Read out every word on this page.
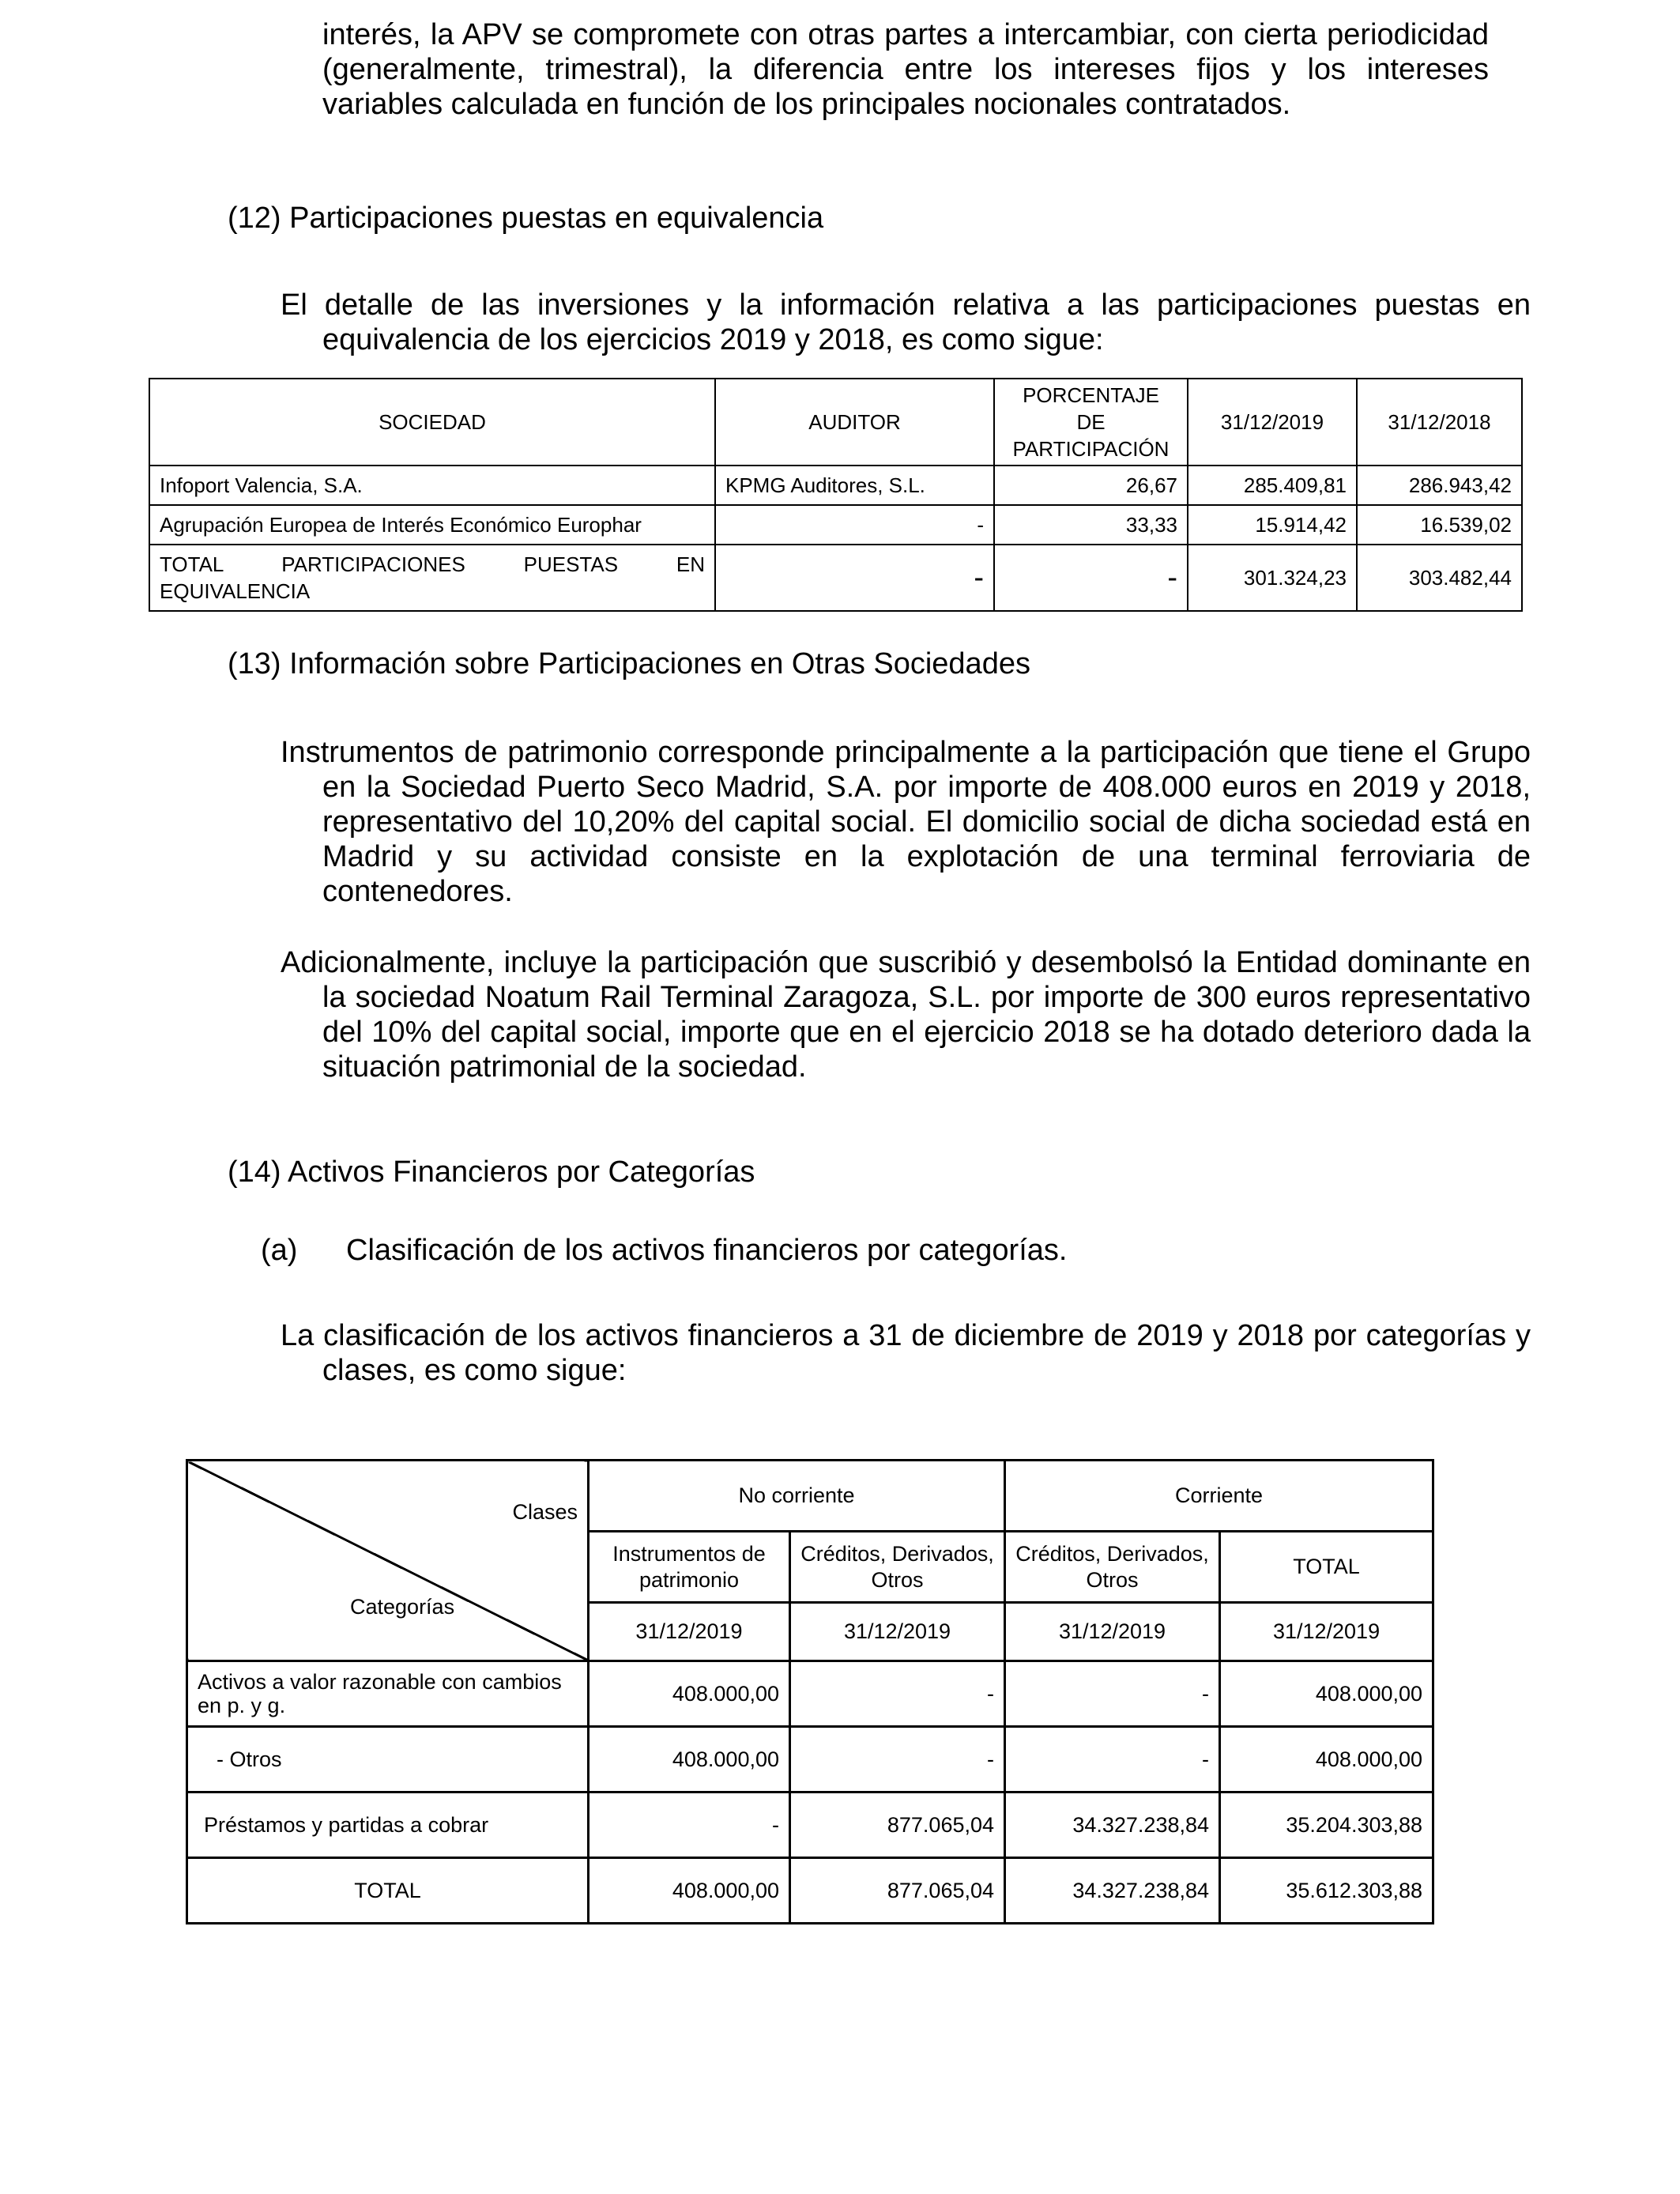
interés, la APV se compromete con otras partes a intercambiar, con cierta periodicidad (generalmente, trimestral), la diferencia entre los intereses fijos y los intereses variables calculada en función de los principales nocionales contratados.

(12) Participaciones puestas en equivalencia

El detalle de las inversiones y la información relativa a las participaciones puestas en equivalencia de los ejercicios 2019 y 2018, es como sigue:

SOCIEDAD	AUDITOR	PORCENTAJE DE PARTICIPACIÓN	31/12/2019	31/12/2018
Infoport Valencia, S.A.	KPMG Auditores, S.L.	26,67	285.409,81	286.943,42
Agrupación Europea de Interés Económico Europhar	-	33,33	15.914,42	16.539,02

TOTAL PARTICIPACIONES PUESTAS EN
EQUIVALENCIA	-	-	301.324,23	303.482,44

(13) Información sobre Participaciones en Otras Sociedades

Instrumentos de patrimonio corresponde principalmente a la participación que tiene el Grupo en la Sociedad Puerto Seco Madrid, S.A. por importe de 408.000 euros en 2019 y 2018, representativo del 10,20% del capital social. El domicilio social de dicha sociedad está en Madrid y su actividad consiste en la explotación de una terminal ferroviaria de contenedores.

Adicionalmente, incluye la participación que suscribió y desembolsó la Entidad dominante en la sociedad Noatum Rail Terminal Zaragoza, S.L. por importe de 300 euros representativo del 10% del capital social, importe que en el ejercicio 2018 se ha dotado deterioro dada la situación patrimonial de la sociedad.

(14) Activos Financieros por Categorías

(a) Clasificación de los activos financieros por categorías.

La clasificación de los activos financieros a 31 de diciembre de 2019 y 2018 por categorías y clases, es como sigue:

Clases
Categorías	No corriente		Corriente	
	Instrumentos de patrimonio	Créditos, Derivados, Otros	Créditos, Derivados, Otros	TOTAL
	31/12/2019	31/12/2019	31/12/2019	31/12/2019
Activos a valor razonable con cambios en p. y g.	408.000,00	-	-	408.000,00
- Otros	408.000,00	-	-	408.000,00
Préstamos y partidas a cobrar	-	877.065,04	34.327.238,84	35.204.303,88
TOTAL	408.000,00	877.065,04	34.327.238,84	35.612.303,88
